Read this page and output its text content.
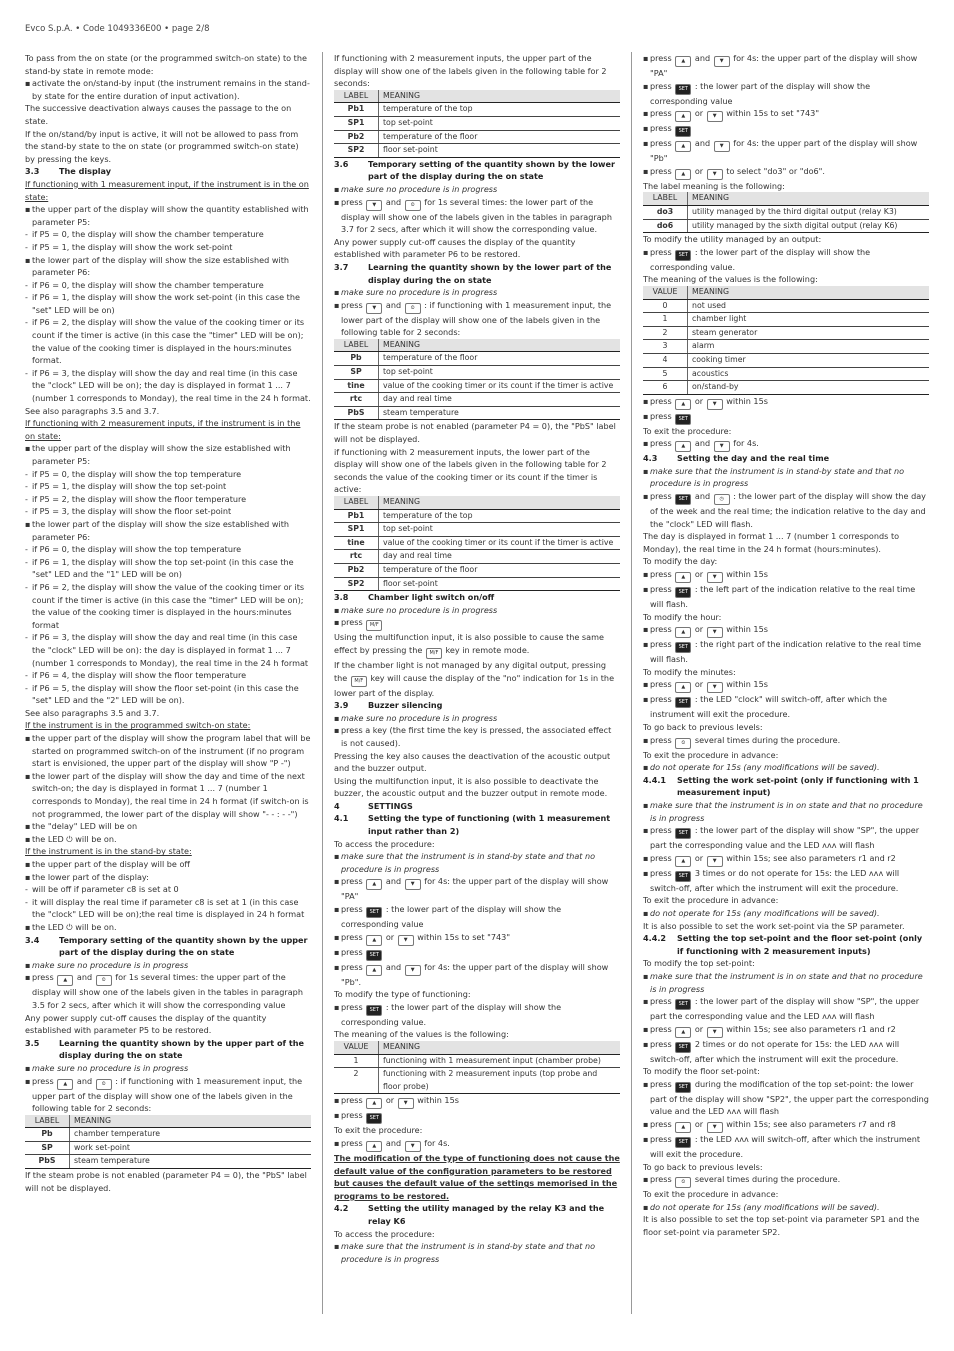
Evco S.p.A. • Code 1049336E00 • page 2/8

To pass from the on state (or the programmed switch-on state) to the stand-by state in remote mode:

▪ activate the on/stand-by input (the instrument remains in the stand-by state for the entire duration of input activation).

The successive deactivation always causes the passage to the on state.

If the on/stand/by input is active, it will not be allowed to pass from the stand-by state to the on state (or programmed switch-on state) by pressing the keys.

3.3	The display

If functioning with 1 measurement input, if the instrument is in the on state:

▪ the upper part of the display will show the quantity established with parameter P5:
- if P5 = 0, the display will show the chamber temperature
- if P5 = 1, the display will show the work set-point
▪ the lower part of the display will show the size established with parameter P6:
- if P6 = 0, the display will show the chamber temperature
- if P6 = 1, the display will show the work set-point (in this case the "set" LED will be on)
- if P6 = 2, the display will show the value of the cooking timer or its count if the timer is active (in this case the "timer" LED will be on); the value of the cooking timer is displayed in the hours:minutes format.
- if P6 = 3, the display will show the day and real time (in this case the "clock" LED will be on); the day is displayed in format 1 ... 7 (number 1 corresponds to Monday), the real time in the 24 h format.

See also paragraphs 3.5 and 3.7.

If functioning with 2 measurement inputs, if the instrument is in the on state:

▪ the upper part of the display will show the size established with parameter P5:
- if P5 = 0, the display will show the top temperature
- if P5 = 1, the display will show the top set-point
- if P5 = 2, the display will show the floor temperature
- if P5 = 3, the display will show the floor set-point
▪ the lower part of the display will show the size established with parameter P6:
- if P6 = 0, the display will show the top temperature
- if P6 = 1, the display will show the top set-point (in this case the "set" LED and the "1" LED will be on)
- if P6 = 2, the display will show the value of the cooking timer or its count if the timer is active (in this case the "timer" LED will be on); the value of the cooking timer is displayed in the hours:minutes format
- if P6 = 3, the display will show the day and real time (in this case the "clock" LED will be on): the day is displayed in format 1 ... 7 (number 1 corresponds to Monday), the real time in the 24 h format
- if P6 = 4, the display will show the floor temperature
- if P6 = 5, the display will show the floor set-point (in this case the "set" LED and the "2" LED will be on).

See also paragraphs 3.5 and 3.7.

If the instrument is in the programmed switch-on state:

▪ the upper part of the display will show the program label that will be started on programmed switch-on of the instrument (if no program start is envisioned, the upper part of the display will show "P -")
▪ the lower part of the display will show the day and time of the next switch-on; the day is displayed in format 1 ... 7 (number 1 corresponds to Monday), the real time in 24 h format (if switch-on is not programmed, the lower part of the display will show "- - : - -")
▪ the "delay" LED will be on
▪ the LED ⏻ will be on.

If the instrument is in the stand-by state:

▪ the upper part of the display will be off
▪ the lower part of the display:
- will be off if parameter c8 is set at 0
- it will display the real time if parameter c8 is set at 1 (in this case the "clock" LED will be on);the real time is displayed in 24 h format
▪ the LED ⏻ will be on.
3.4	Temporary setting of the quantity shown by the upper part of the display during the on state
▪ make sure no procedure is in progress
▪ press ▲ and ⏲ for 1s several times: the upper part of the display will show one of the labels given in the tables in paragraph 3.5 for 2 secs, after which it will show the corresponding value

Any power supply cut-off causes the display of the quantity established with parameter P5 to be restored.

3.5	Learning the quantity shown by the upper part of the display during the on state
▪ make sure no procedure is in progress
▪ press ▲ and ⏲ : if functioning with 1 measurement input, the upper part of the display will show one of the labels given in the following table for 2 seconds:
LABEL	MEANING
Pb	chamber temperature
SP	work set-point
PbS	steam temperature

If the steam probe is not enabled (parameter P4 = 0), the "PbS" label will not be displayed.

If functioning with 2 measurement inputs, the upper part of the display will show one of the labels given in the following table for 2 seconds:

LABEL	MEANING
Pb1	temperature of the top
SP1	top set-point
Pb2	temperature of the floor
SP2	floor set-point
3.6	Temporary setting of the quantity shown by the lower part of the display during the on state
▪ make sure no procedure is in progress
▪ press ▼ and ⏲ for 1s several times: the lower part of the display will show one of the labels given in the tables in paragraph 3.7 for 2 secs, after which it will show the corresponding value.

Any power supply cut-off causes the display of the quantity established with parameter P6 to be restored.

3.7	Learning the quantity shown by the lower part of the display during the on state
▪ make sure no procedure is in progress
▪ press ▼ and ⏲ : if functioning with 1 measurement input, the lower part of the display will show one of the labels given in the following table for 2 seconds:
LABEL	MEANING
Pb	temperature of the floor
SP	top set-point
tine	value of the cooking timer or its count if the timer is active
rtc	day and real time
PbS	steam temperature

If the steam probe is not enabled (parameter P4 = 0), the "PbS" label will not be displayed.

if functioning with 2 measurement inputs, the lower part of the display will show one of the labels given in the following table for 2 seconds the value of the cooking timer or its count if the timer is active:

LABEL	MEANING
Pb1	temperature of the top
SP1	top set-point
tine	value of the cooking timer or its count if the timer is active
rtc	day and real time
Pb2	temperature of the floor
SP2	floor set-point
3.8	Chamber light switch on/off
▪ make sure no procedure is in progress
▪ press M/F

Using the multifunction input, it is also possible to cause the same effect by pressing the M/F key in remote mode.

If the chamber light is not managed by any digital output, pressing the M/F key will cause the display of the "no" indication for 1s in the lower part of the display.

3.9	Buzzer silencing
▪ make sure no procedure is in progress
▪ press a key (the first time the key is pressed, the associated effect is not caused).

Pressing the key also causes the deactivation of the acoustic output and the buzzer output.

Using the multifunction input, it is also possible to deactivate the buzzer, the acoustic output and the buzzer output in remote mode.

4	SETTINGS
4.1	Setting the type of functioning (with 1 measurement input rather than 2)

To access the procedure:

▪ make sure that the instrument is in stand-by state and that no procedure is in progress
▪ press ▲ and ▼ for 4s: the upper part of the display will show "PA"
▪ press SET : the lower part of the display will show the corresponding value
▪ press ▲ or ▼ within 15s to set "743"
▪ press SET
▪ press ▲ and ▼ for 4s: the upper part of the display will show "Pb".

To modify the type of functioning:

▪ press SET : the lower part of the display will show the corresponding value.

The meaning of the values is the following:

VALUE	MEANING
1	functioning with 1 measurement input (chamber probe)
2	functioning with 2 measurement inputs (top probe and floor probe)
▪ press ▲ or ▼ within 15s
▪ press SET

To exit the procedure:

▪ press ▲ and ▼ for 4s.

The modification of the type of functioning does not cause the default value of the configuration parameters to be restored but causes the default value of the settings memorised in the programs to be restored.

4.2	Setting the utility managed by the relay K3 and the relay K6

To access the procedure:

▪ make sure that the instrument is in stand-by state and that no procedure is in progress
▪ press ▲ and ▼ for 4s: the upper part of the display will show "PA"
▪ press SET : the lower part of the display will show the corresponding value
▪ press ▲ or ▼ within 15s to set "743"
▪ press SET
▪ press ▲ and ▼ for 4s: the upper part of the display will show "Pb"
▪ press ▲ or ▼ to select "do3" or "do6".

The label meaning is the following:

LABEL	MEANING
do3	utility managed by the third digital output (relay K3)
do6	utility managed by the sixth digital output (relay K6)

To modify the utility managed by an output:

▪ press SET : the lower part of the display will show the corresponding value.

The meaning of the values is the following:

VALUE	MEANING
0	not used
1	chamber light
2	steam generator
3	alarm
4	cooking timer
5	acoustics
6	on/stand-by
▪ press ▲ or ▼ within 15s
▪ press SET

To exit the procedure:

▪ press ▲ and ▼ for 4s.
4.3	Setting the day and the real time
▪ make sure that the instrument is in stand-by state and that no procedure is in progress
▪ press SET and ◷ : the lower part of the display will show the day of the week and the real time; the indication relative to the day and the "clock" LED will flash.

The day is displayed in format 1 ... 7 (number 1 corresponds to Monday), the real time in the 24 h format (hours:minutes).

To modify the day:

▪ press ▲ or ▼ within 15s
▪ press SET : the left part of the indication relative to the real time will flash.

To modify the hour:

▪ press ▲ or ▼ within 15s
▪ press SET : the right part of the indication relative to the real time will flash.

To modify the minutes:

▪ press ▲ or ▼ within 15s
▪ press SET : the LED "clock" will switch-off, after which the instrument will exit the procedure.

To go back to previous levels:

▪ press ⏲ several times during the procedure.

To exit the procedure in advance:

▪ do not operate for 15s (any modifications will be saved).
4.4.1	Setting the work set-point (only if functioning with 1 measurement input)
▪ make sure that the instrument is in on state and that no procedure is in progress
▪ press SET : the lower part of the display will show "SP", the upper part the corresponding value and the LED ᴧᴧᴧ will flash
▪ press ▲ or ▼ within 15s; see also parameters r1 and r2
▪ press SET 3 times or do not operate for 15s: the LED ᴧᴧᴧ will switch-off, after which the instrument will exit the procedure.

To exit the procedure in advance:

▪ do not operate for 15s (any modifications will be saved).

It is also possible to set the work set-point via the SP parameter.

4.4.2	Setting the top set-point and the floor set-point (only if functioning with 2 measurement inputs)

To modify the top set-point:

▪ make sure that the instrument is in on state and that no procedure is in progress
▪ press SET : the lower part of the display will show "SP", the upper part the corresponding value and the LED ᴧᴧᴧ will flash
▪ press ▲ or ▼ within 15s; see also parameters r1 and r2
▪ press SET 2 times or do not operate for 15s: the LED ᴧᴧᴧ will switch-off, after which the instrument will exit the procedure.

To modify the floor set-point:

▪ press SET during the modification of the top set-point: the lower part of the display will show "SP2", the upper part the corresponding value and the LED ᴧᴧᴧ will flash
▪ press ▲ or ▼ within 15s; see also parameters r7 and r8
▪ press SET : the LED ᴧᴧᴧ will switch-off, after which the instrument will exit the procedure.

To go back to previous levels:

▪ press ⏲ several times during the procedure.

To exit the procedure in advance:

▪ do not operate for 15s (any modifications will be saved).

It is also possible to set the top set-point via parameter SP1 and the floor set-point via parameter SP2.
